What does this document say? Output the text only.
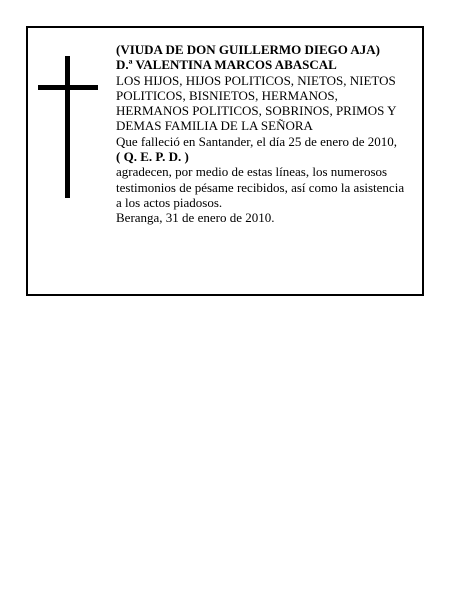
(VIUDA DE DON GUILLERMO DIEGO AJA)
D.ª VALENTINA MARCOS ABASCAL
LOS HIJOS, HIJOS POLITICOS, NIETOS, NIETOS
POLITICOS, BISNIETOS, HERMANOS,
HERMANOS POLITICOS, SOBRINOS, PRIMOS Y
DEMAS FAMILIA DE LA SEÑORA
Que falleció en Santander, el día 25 de enero de 2010,
( Q. E. P. D. )
agradecen, por medio de estas líneas, los numerosos
testimonios de pésame recibidos, así como la asistencia
a los actos piadosos.
Beranga, 31 de enero de 2010.
